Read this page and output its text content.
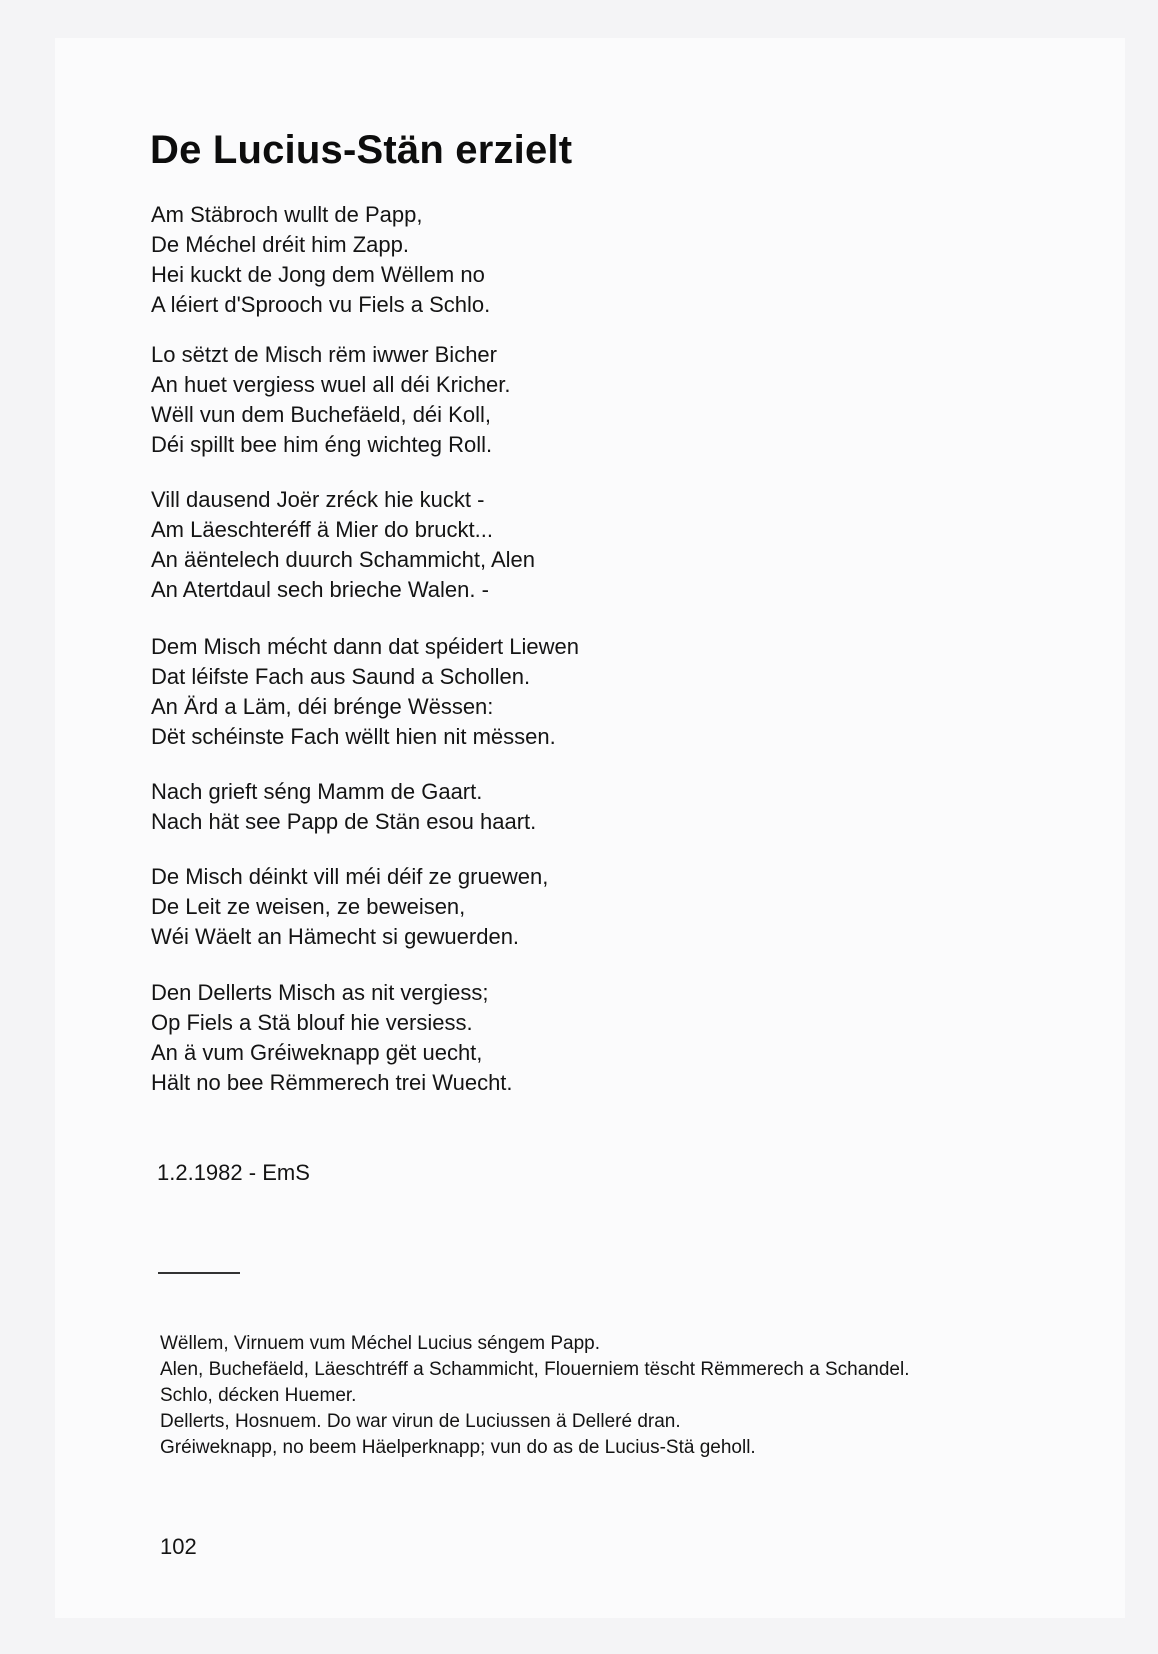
De Lucius-Stän erzielt
Am Stäbroch wullt de Papp,
De Méchel dréit him Zapp.
Hei kuckt de Jong dem Wëllem no
A léiert d'Sprooch vu Fiels a Schlo.
Lo sëtzt de Misch rëm iwwer Bicher
An huet vergiess wuel all déi Kricher.
Wëll vun dem Buchefäeld, déi Koll,
Déi spillt bee him éng wichteg Roll.
Vill dausend Joër zréck hie kuckt -
Am Läeschteréff ä Mier do bruckt...
An äëntelech duurch Schammicht, Alen
An Atertdaul sech brieche Walen. -
Dem Misch mécht dann dat spéidert Liewen
Dat léifste Fach aus Saund a Schollen.
An Ärd a Läm, déi brénge Wëssen:
Dët schéinste Fach wëllt hien nit mëssen.
Nach grieft séng Mamm de Gaart.
Nach hät see Papp de Stän esou haart.
De Misch déinkt vill méi déif ze gruewen,
De Leit ze weisen, ze beweisen,
Wéi Wäelt an Hämecht si gewuerden.
Den Dellerts Misch as nit vergiess;
Op Fiels a Stä blouf hie versiess.
An ä vum Gréiweknapp gët uecht,
Hält no bee Rëmmerech trei Wuecht.
1.2.1982 - EmS
Wëllem, Virnuem vum Méchel Lucius séngem Papp.
Alen, Buchefäeld, Läeschtréff a Schammicht, Flouerniem tëscht Rëmmerech a Schandel.
Schlo, décken Huemer.
Dellerts, Hosnuem. Do war virun de Luciussen ä Delleré dran.
Gréiweknapp, no beem Häelperknapp; vun do as de Lucius-Stä geholl.
102
